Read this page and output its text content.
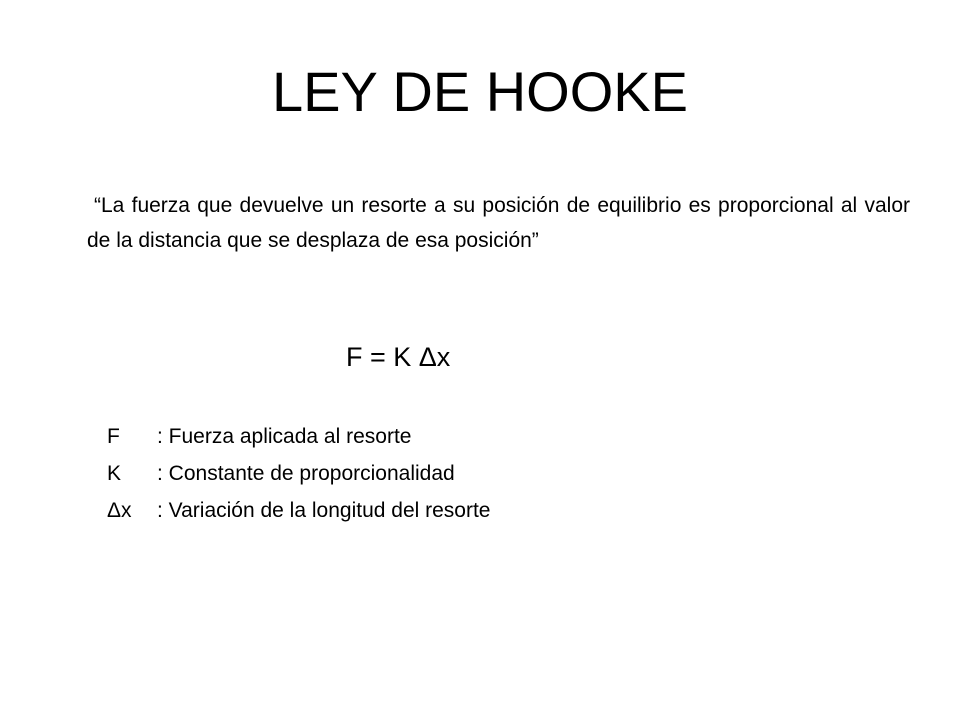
LEY DE HOOKE

“La fuerza que devuelve un resorte a su posición de equilibrio es proporcional al valor de la distancia que se desplaza de esa posición”

F = K Δx
F	: Fuerza aplicada al resorte
K	: Constante de proporcionalidad
Δx	: Variación de la longitud del resorte
